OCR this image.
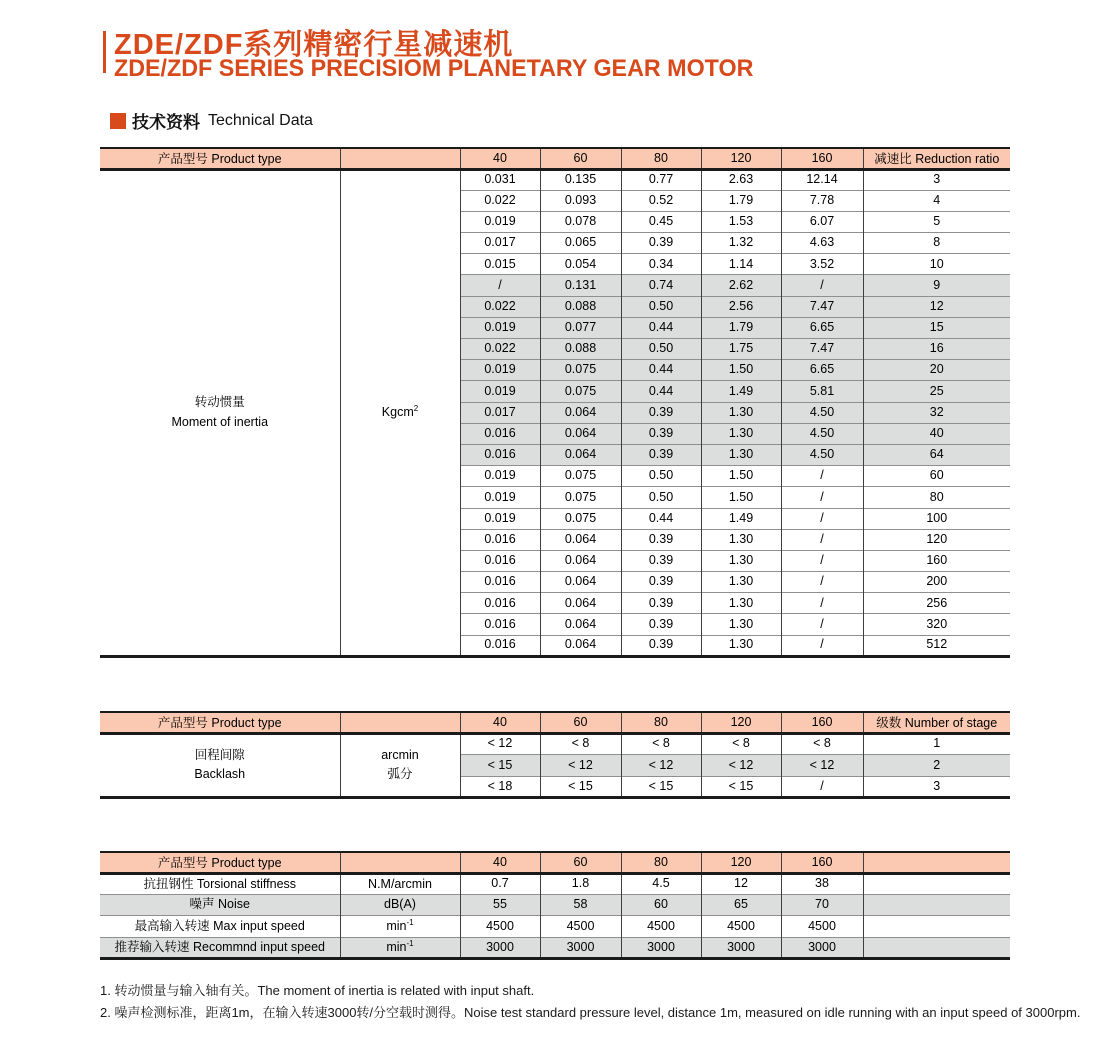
ZDE/ZDF系列精密行星减速机
ZDE/ZDF SERIES PRECISIOM PLANETARY GEAR MOTOR
技术资料 Technical Data
产品型号 Product type		40	60	80	120	160	减速比 Reduction ratio
转动惯量
Moment of inertia	Kgcm$^2$	0.031	0.135	0.77	2.63	12.14	3
		0.022	0.093	0.52	1.79	7.78	4
		0.019	0.078	0.45	1.53	6.07	5
		0.017	0.065	0.39	1.32	4.63	8
		0.015	0.054	0.34	1.14	3.52	10
		/	0.131	0.74	2.62	/	9
		0.022	0.088	0.50	2.56	7.47	12
		0.019	0.077	0.44	1.79	6.65	15
		0.022	0.088	0.50	1.75	7.47	16
		0.019	0.075	0.44	1.50	6.65	20
		0.019	0.075	0.44	1.49	5.81	25
		0.017	0.064	0.39	1.30	4.50	32
		0.016	0.064	0.39	1.30	4.50	40
		0.016	0.064	0.39	1.30	4.50	64
		0.019	0.075	0.50	1.50	/	60
		0.019	0.075	0.50	1.50	/	80
		0.019	0.075	0.44	1.49	/	100
		0.016	0.064	0.39	1.30	/	120
		0.016	0.064	0.39	1.30	/	160
		0.016	0.064	0.39	1.30	/	200
		0.016	0.064	0.39	1.30	/	256
		0.016	0.064	0.39	1.30	/	320
		0.016	0.064	0.39	1.30	/	512
产品型号 Product type		40	60	80	120	160	级数 Number of stage
回程间隙
Backlash	arcmin
弧分	< 12	< 8	< 8	< 8	< 8	1
		< 15	< 12	< 12	< 12	< 12	2
		< 18	< 15	< 15	< 15	/	3
产品型号 Product type		40	60	80	120	160	
抗扭钢性 Torsional stiffness	N.M/arcmin	0.7	1.8	4.5	12	38	
噪声 Noise	dB(A)	55	58	60	65	70	
最高输入转速 Max input speed	$\min^{-1}$	4500	4500	4500	4500	4500	
推荐输入转速 Recommnd input speed	$\min^{-1}$	3000	3000	3000	3000	3000	

1. 转动惯量与输入轴有关。The moment of inertia is related with input shaft.

2. 噪声检测标准，距离1m，在输入转速3000转/分空载时测得。Noise test standard pressure level, distance 1m, measured on idle running with an input speed of 3000rpm.
